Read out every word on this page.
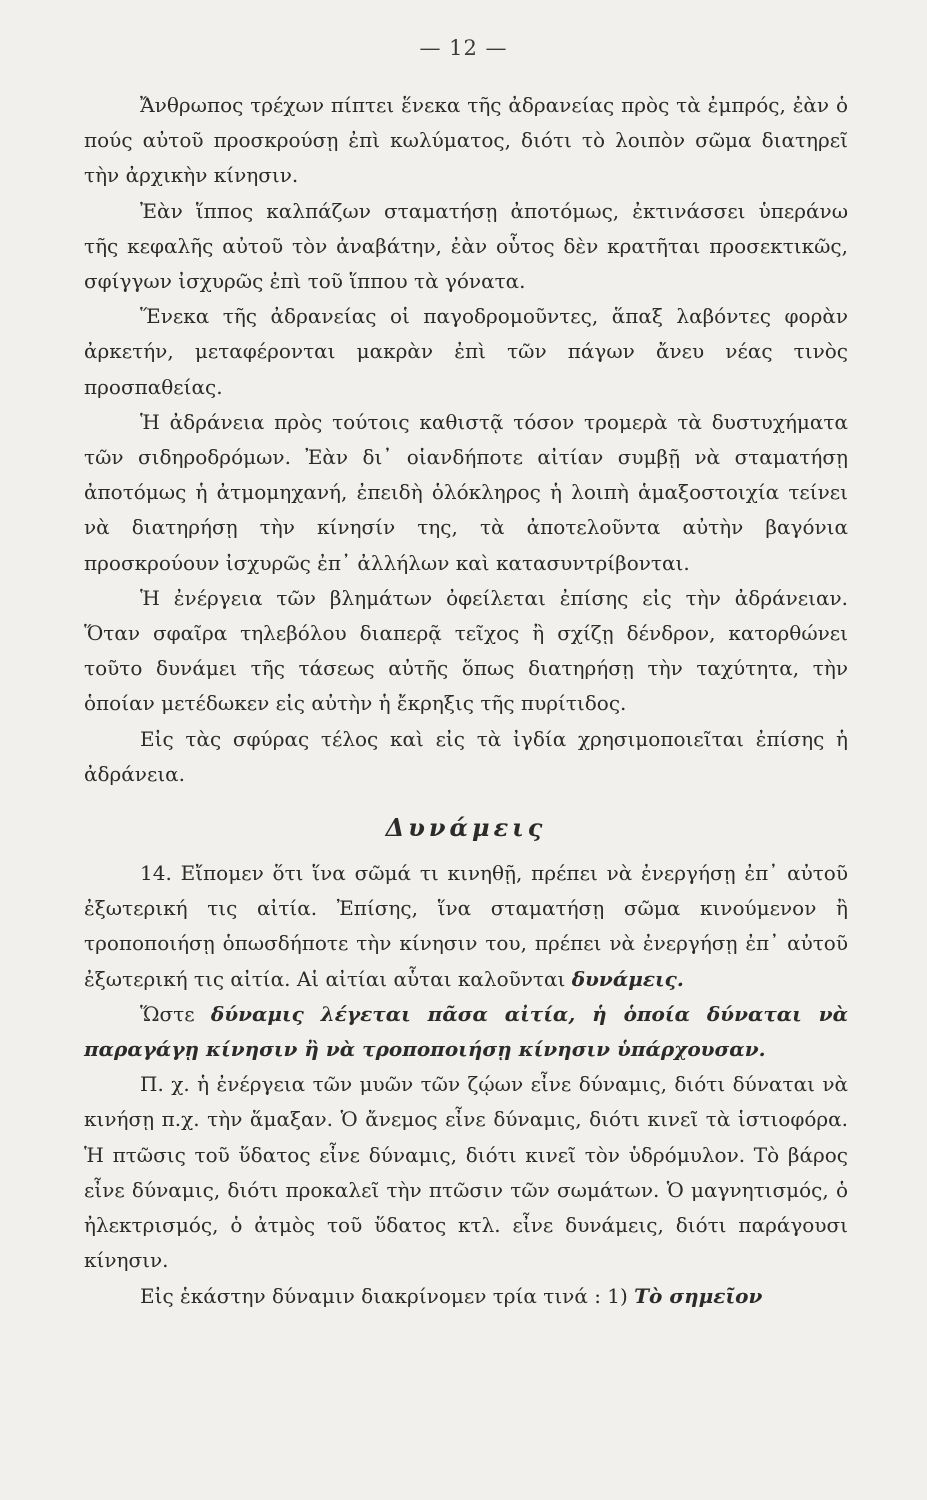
— 12 —

Ἄνθρωπος τρέχων πίπτει ἕνεκα τῆς ἀδρανείας πρὸς τὰ ἐμπρός, ἐὰν ὁ πούς αὐτοῦ προσκρούσῃ ἐπὶ κωλύματος, διότι τὸ λοιπὸν σῶμα διατηρεῖ τὴν ἀρχικὴν κίνησιν.

Ἐὰν ἵππος καλπάζων σταματήσῃ ἀποτόμως, ἐκτινάσσει ὑπεράνω τῆς κεφαλῆς αὐτοῦ τὸν ἀναβάτην, ἐὰν οὗτος δὲν κρατῆται προσεκτικῶς, σφίγγων ἰσχυρῶς ἐπὶ τοῦ ἵππου τὰ γόνατα.

Ἕνεκα τῆς ἀδρανείας οἱ παγοδρομοῦντες, ἅπαξ λαβόντες φορὰν ἀρκετήν, μεταφέρονται μακρὰν ἐπὶ τῶν πάγων ἄνευ νέας τινὸς προσπαθείας.

Ἡ ἀδράνεια πρὸς τούτοις καθιστᾷ τόσον τρομερὰ τὰ δυστυχήματα τῶν σιδηροδρόμων. Ἐὰν δι᾽ οἱανδήποτε αἰτίαν συμβῇ νὰ σταματήσῃ ἀποτόμως ἡ ἀτμομηχανή, ἐπειδὴ ὁλόκληρος ἡ λοιπὴ ἁμαξοστοιχία τείνει νὰ διατηρήσῃ τὴν κίνησίν της, τὰ ἀποτελοῦντα αὐτὴν βαγόνια προσκρούουν ἰσχυρῶς ἐπ᾽ ἀλλήλων καὶ κατασυντρίβονται.

Ἡ ἐνέργεια τῶν βλημάτων ὀφείλεται ἐπίσης εἰς τὴν ἀδράνειαν. Ὅταν σφαῖρα τηλεβόλου διαπερᾷ τεῖχος ἢ σχίζῃ δένδρον, κατορθώνει τοῦτο δυνάμει τῆς τάσεως αὐτῆς ὅπως διατηρήσῃ τὴν ταχύτητα, τὴν ὁποίαν μετέδωκεν εἰς αὐτὴν ἡ ἔκρηξις τῆς πυρίτιδος.

Εἰς τὰς σφύρας τέλος καὶ εἰς τὰ ἰγδία χρησιμοποιεῖται ἐπίσης ἡ ἀδράνεια.

Δυνάμεις

14. Εἴπομεν ὅτι ἵνα σῶμά τι κινηθῇ, πρέπει νὰ ἐνεργήσῃ ἐπ᾽ αὐτοῦ ἐξωτερική τις αἰτία. Ἐπίσης, ἵνα σταματήσῃ σῶμα κινούμενον ἢ τροποποιήσῃ ὁπωσδήποτε τὴν κίνησιν του, πρέπει νὰ ἐνεργήσῃ ἐπ᾽ αὐτοῦ ἐξωτερική τις αἰτία. Αἱ αἰτίαι αὗται καλοῦνται δυνάμεις.

Ὥστε δύναμις λέγεται πᾶσα αἰτία, ἡ ὁποία δύναται νὰ παραγάγῃ κίνησιν ἢ νὰ τροποποιήσῃ κίνησιν ὑπάρχουσαν.

Π. χ. ἡ ἐνέργεια τῶν μυῶν τῶν ζῴων εἶνε δύναμις, διότι δύναται νὰ κινήσῃ π.χ. τὴν ἅμαξαν. Ὁ ἄνεμος εἶνε δύναμις, διότι κινεῖ τὰ ἱστιοφόρα. Ἡ πτῶσις τοῦ ὕδατος εἶνε δύναμις, διότι κινεῖ τὸν ὑδρόμυλον. Τὸ βάρος εἶνε δύναμις, διότι προκαλεῖ τὴν πτῶσιν τῶν σωμάτων. Ὁ μαγνητισμός, ὁ ἠλεκτρισμός, ὁ ἀτμὸς τοῦ ὕδατος κτλ. εἶνε δυνάμεις, διότι παράγουσι κίνησιν.

Εἰς ἑκάστην δύναμιν διακρίνομεν τρία τινά : 1) Τὸ σημεῖον
